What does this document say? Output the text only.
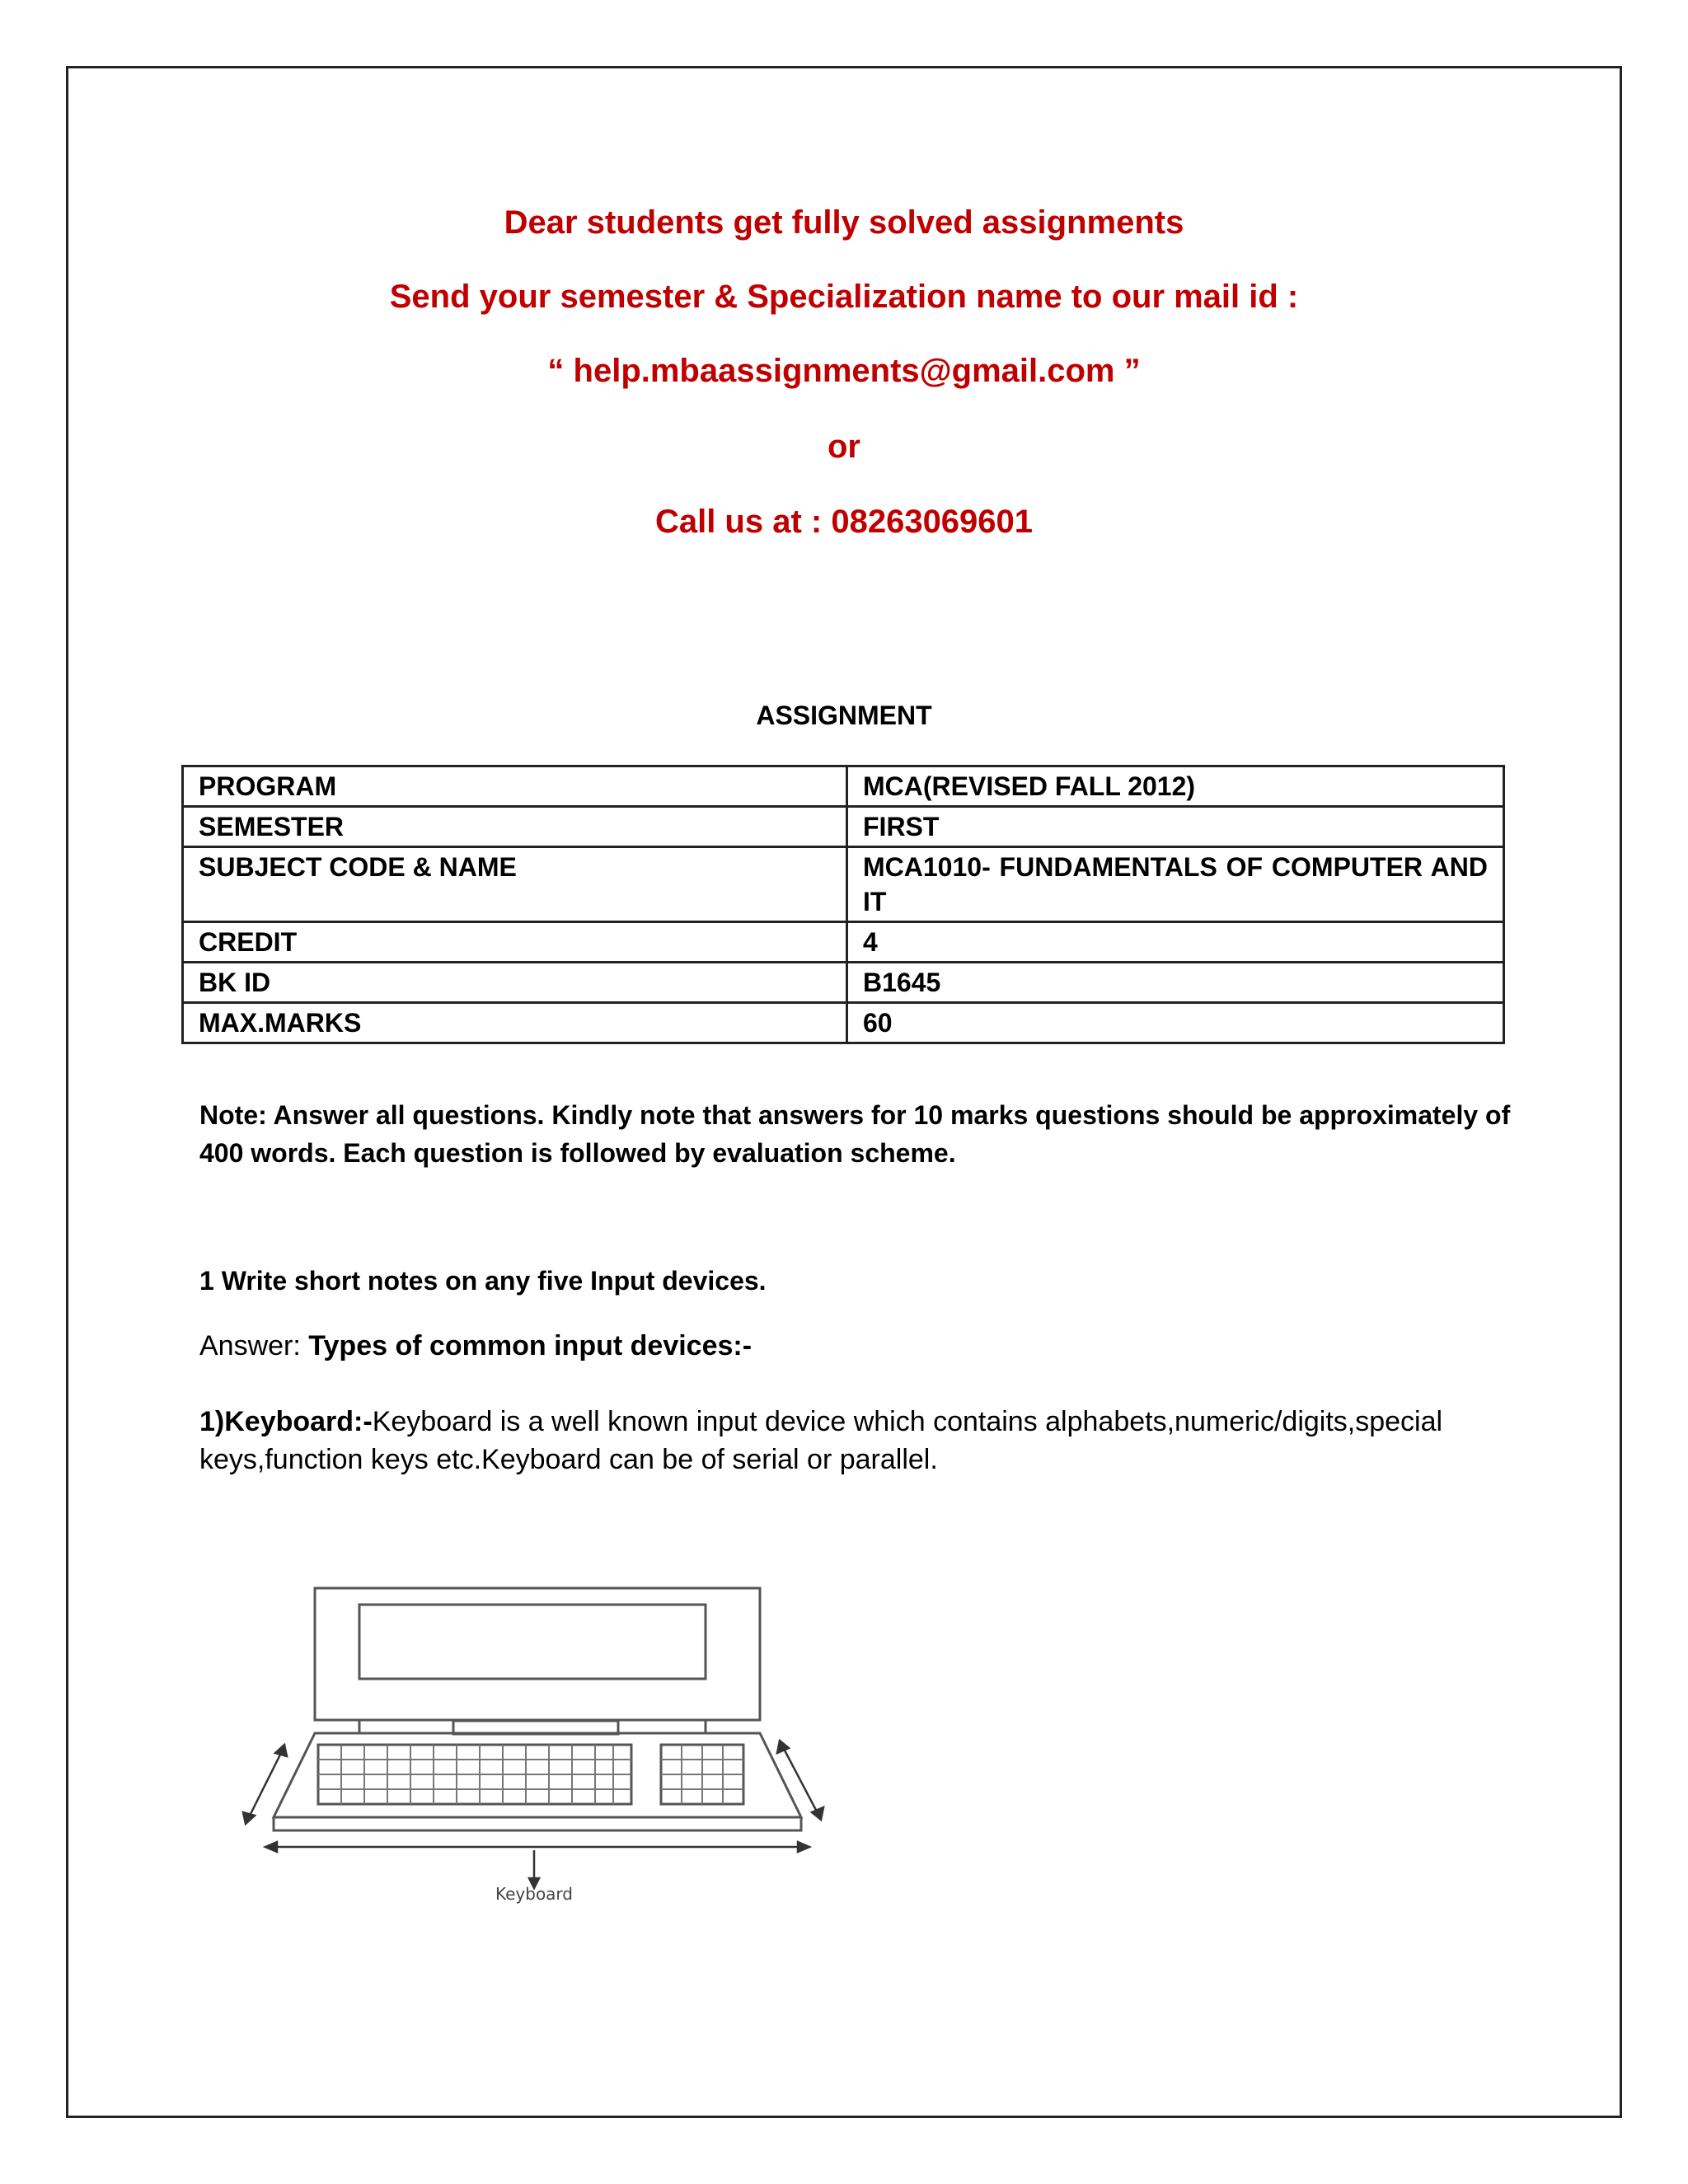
Dear students get fully solved assignments
Send your semester & Specialization name to our mail id :
“ help.mbaassignments@gmail.com ”
or
Call us at : 08263069601
ASSIGNMENT
PROGRAM	MCA(REVISED FALL 2012)
SEMESTER	FIRST
SUBJECT CODE & NAME	MCA1010- FUNDAMENTALS OF COMPUTER AND IT
CREDIT	4
BK ID	B1645
MAX.MARKS	60
Note: Answer all questions. Kindly note that answers for 10 marks questions should be approximately of 400 words. Each question is followed by evaluation scheme.
1 Write short notes on any five Input devices.
Answer: Types of common input devices:-
1)Keyboard:-Keyboard is a well known input device which contains alphabets,numeric/digits,special keys,function keys etc.Keyboard can be of serial or parallel.
Keyboard
